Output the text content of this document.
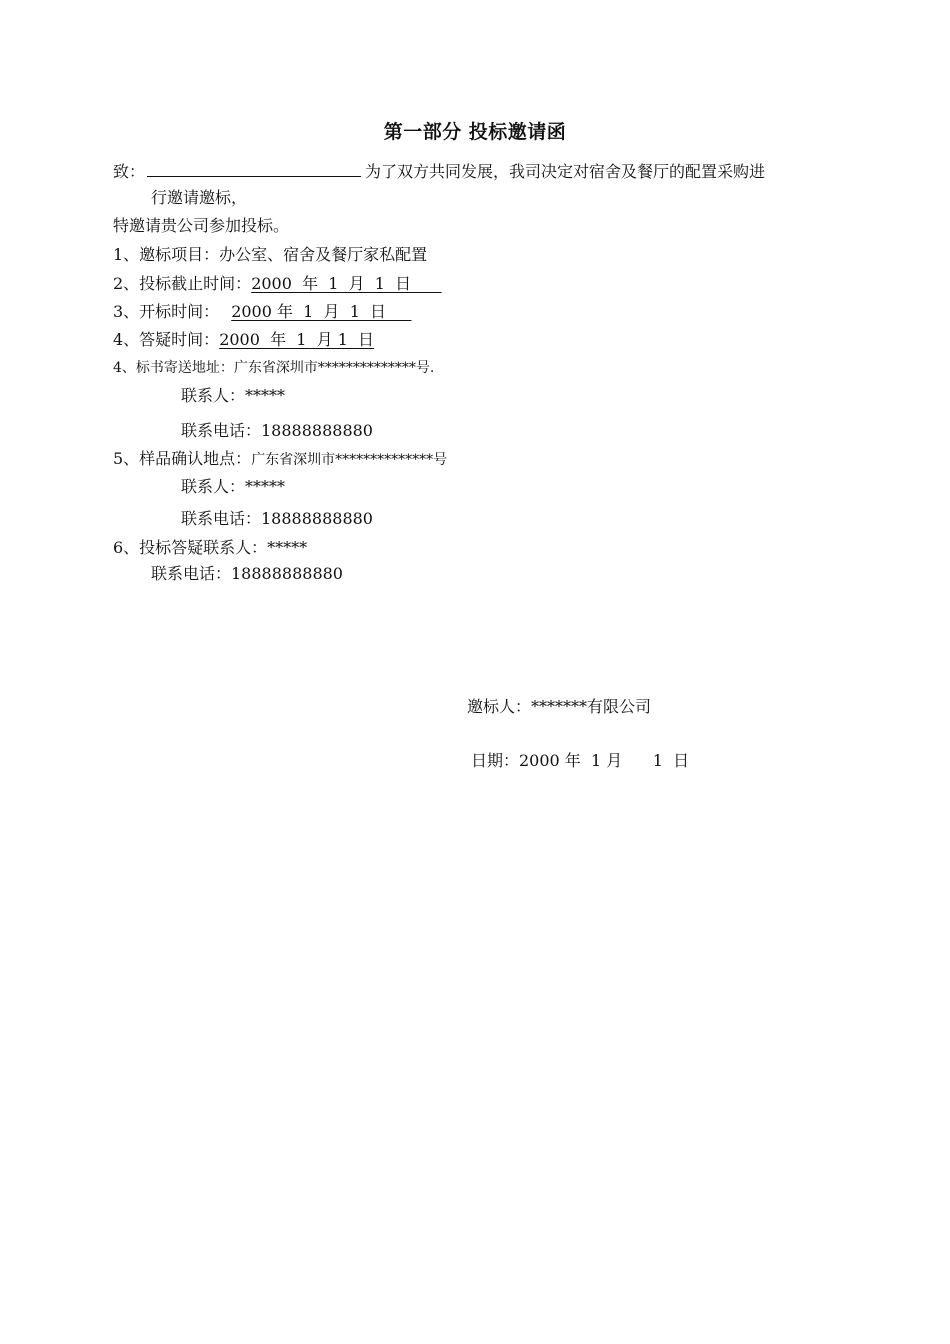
第一部分 投标邀请函
致：	为了双方共同发展，我司决定对宿舍及餐厅的配置采购进
行邀请邀标，
特邀请贵公司参加投标。
1、邀标项目：办公室、宿舍及餐厅家私配置
2、投标截止时间：2000  年  1  月  1  日
3、开标时间： 2000 年  1  月  1  日
4、答疑时间：2000  年  1  月 1  日
4、标书寄送地址：广东省深圳市**************号.
联系人：*****
联系电话：18888888880
5、样品确认地点：广东省深圳市**************号
联系人：*****
联系电话：18888888880
6、投标答疑联系人：*****
联系电话：18888888880
邀标人：*******有限公司
日期：2000 年  1 月      1  日
